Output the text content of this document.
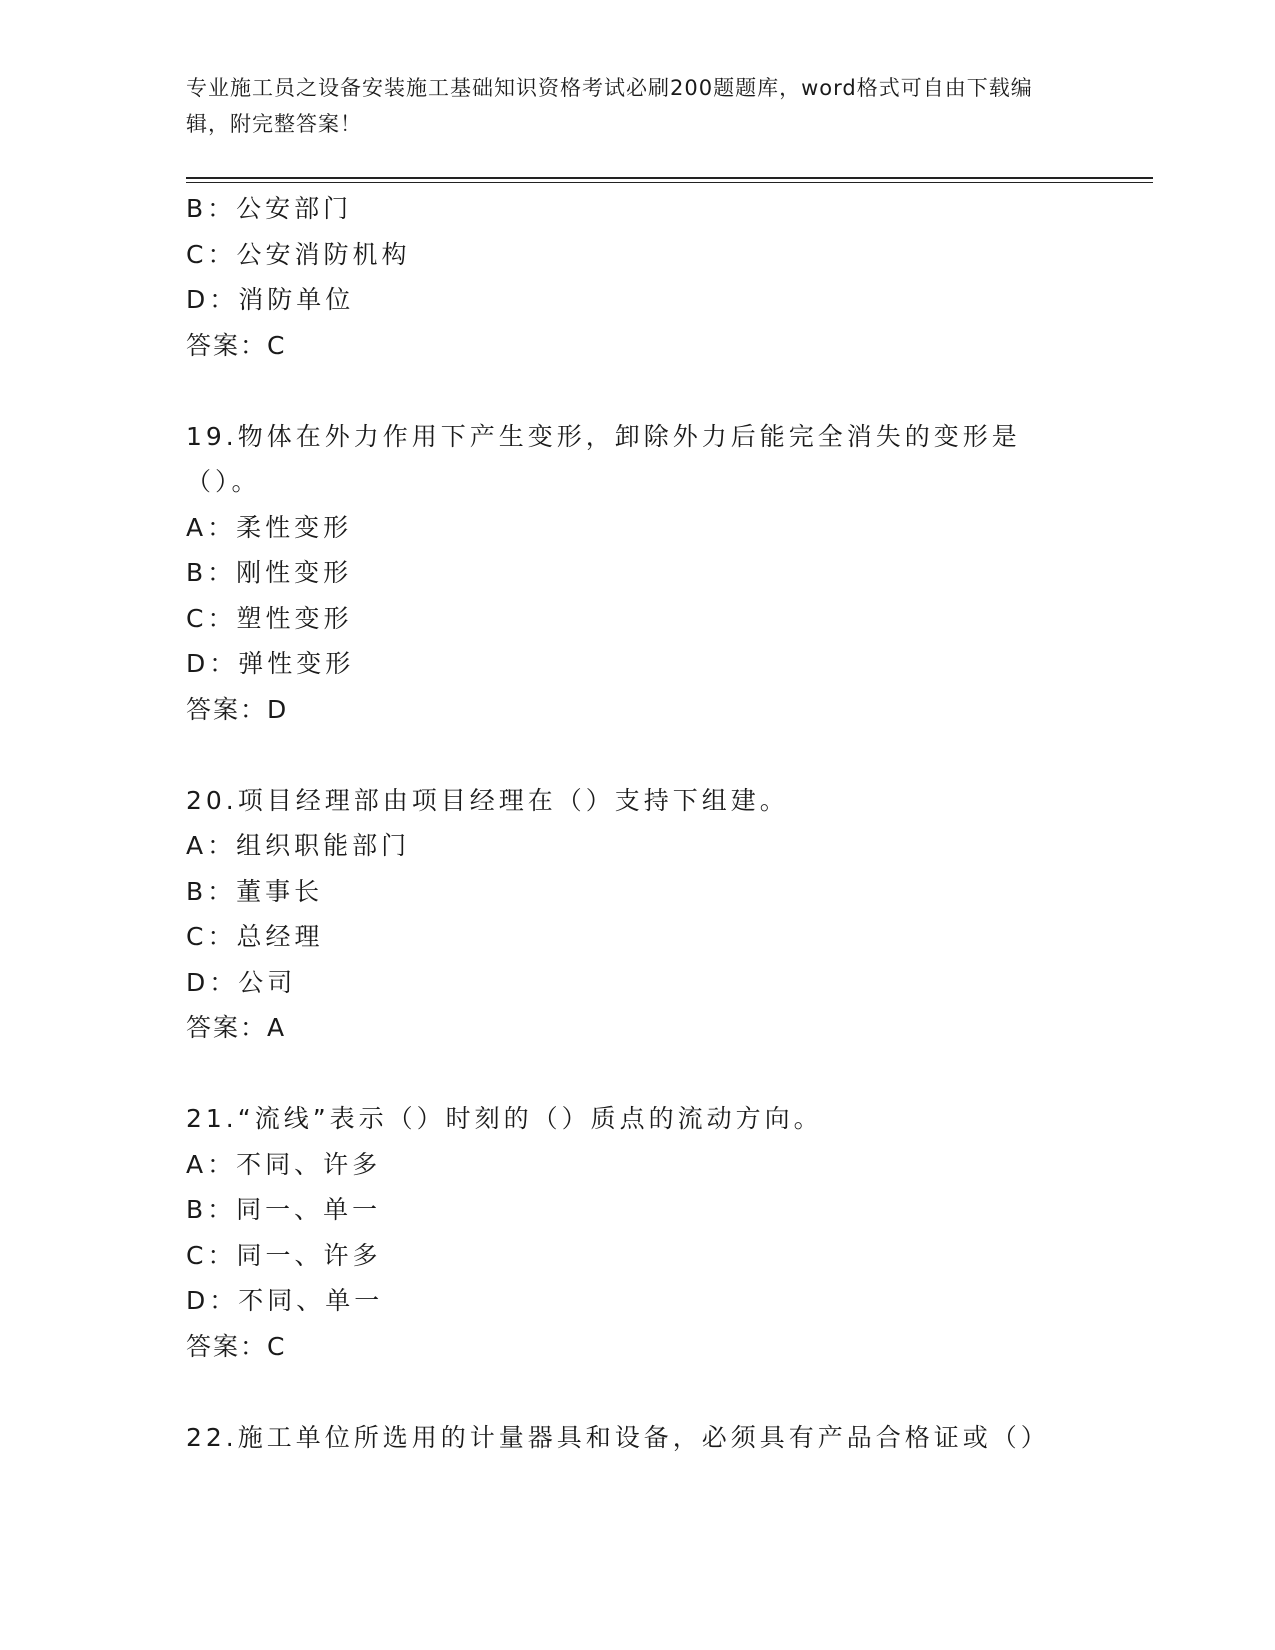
专业施工员之设备安装施工基础知识资格考试必刷200题题库，word格式可自由下载编辑，附完整答案！
B：公安部门
C：公安消防机构
D：消防单位
答案：C
19.物体在外力作用下产生变形，卸除外力后能完全消失的变形是（）。
A：柔性变形
B：刚性变形
C：塑性变形
D：弹性变形
答案：D
20.项目经理部由项目经理在（）支持下组建。
A：组织职能部门
B：董事长
C：总经理
D：公司
答案：A
21.“流线”表示（）时刻的（）质点的流动方向。
A：不同、许多
B：同一、单一
C：同一、许多
D：不同、单一
答案：C
22.施工单位所选用的计量器具和设备，必须具有产品合格证或（）
